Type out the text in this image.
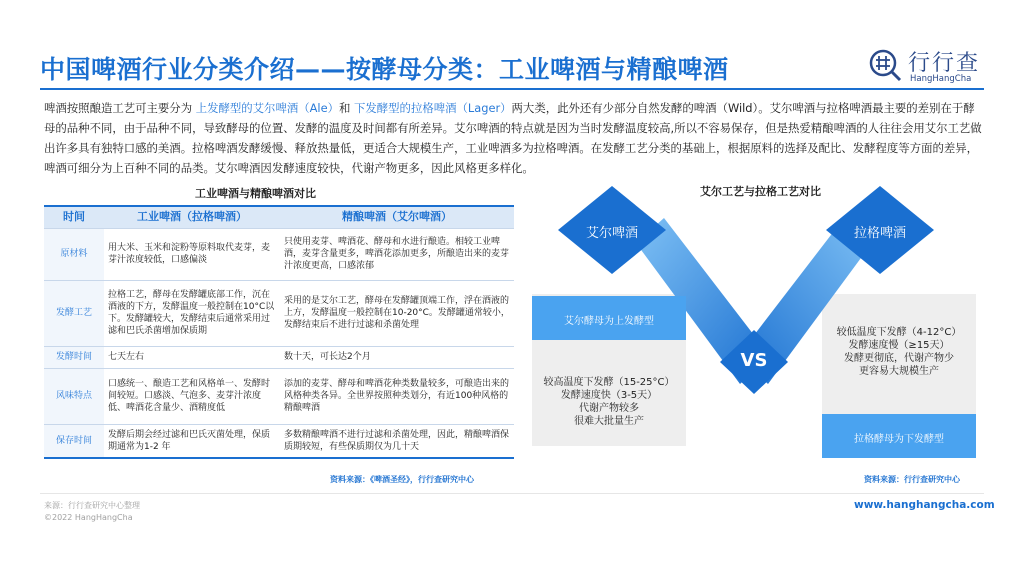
中国啤酒行业分类介绍——按酵母分类：工业啤酒与精酿啤酒	行行查
HangHangCha
啤酒按照酿造工艺可主要分为 上发酵型的艾尔啤酒（Ale）和 下发酵型的拉格啤酒（Lager）两大类，此外还有少部分自然发酵的啤酒（Wild）。艾尔啤酒与拉格啤酒最主要的差别在于酵母的品种不同，由于品种不同，导致酵母的位置、发酵的温度及时间都有所差异。艾尔啤酒的特点就是因为当时发酵温度较高,所以不容易保存，但是热爱精酿啤酒的人往往会用艾尔工艺做出许多具有独特口感的美酒。拉格啤酒发酵缓慢、释放热量低，更适合大规模生产，工业啤酒多为拉格啤酒。在发酵工艺分类的基础上，根据原料的选择及配比、发酵程度等方面的差异，啤酒可细分为上百种不同的品类。艾尔啤酒因发酵速度较快，代谢产物更多，因此风格更多样化。
工业啤酒与精酿啤酒对比
时间	工业啤酒（拉格啤酒）	精酿啤酒（艾尔啤酒）
原材料	用大米、玉米和淀粉等原料取代麦芽，麦芽汁浓度较低，口感偏淡	只使用麦芽、啤酒花、酵母和水进行酿造。相较工业啤酒，麦芽含量更多，啤酒花添加更多，所酿造出来的麦芽汁浓度更高，口感浓郁
发酵工艺	拉格工艺，酵母在发酵罐底部工作，沉在酒液的下方，发酵温度一般控制在10°C以下。发酵罐较大，发酵结束后通常采用过滤和巴氏杀菌增加保质期	采用的是艾尔工艺，酵母在发酵罐顶端工作，浮在酒液的上方，发酵温度一般控制在10-20°C。发酵罐通常较小，发酵结束后不进行过滤和杀菌处理
发酵时间	七天左右	数十天，可长达2个月
风味特点	口感统一、酿造工艺和风格单一、发酵时间较短。口感淡、气泡多、麦芽汁浓度低、啤酒花含量少、酒精度低	添加的麦芽、酵母和啤酒花种类数量较多，可酿造出来的风格种类各异。全世界按照种类划分，有近100种风格的精酿啤酒
保存时间	发酵后期会经过滤和巴氏灭菌处理，保质期通常为1-2 年	多数精酿啤酒不进行过滤和杀菌处理，因此，精酿啤酒保质期较短，有些保质期仅为几十天
资料来源：《啤酒圣经》，行行查研究中心
艾尔工艺与拉格工艺对比
艾尔啤酒	拉格啤酒
VS
艾尔酵母为上发酵型
拉格酵母为下发酵型
较高温度下发酵（15-25°C）
发酵速度快（3-5天）
代谢产物较多
很难大批量生产
较低温度下发酵（4-12°C）
发酵速度慢（≥15天）
发酵更彻底，代谢产物少
更容易大规模生产
资料来源：行行查研究中心
来源：行行查研究中心整理
©2022 HangHangCha
www.hanghangcha.com
